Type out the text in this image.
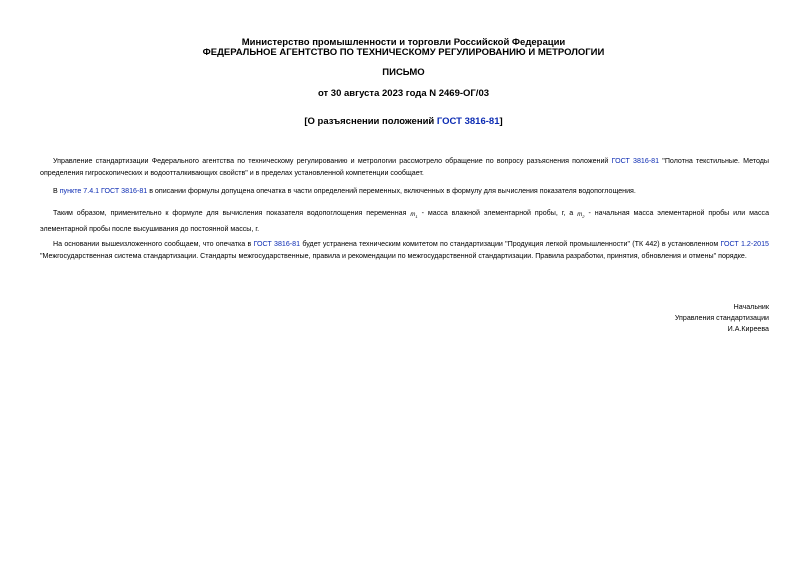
Министерство промышленности и торговли Российской Федерации
ФЕДЕРАЛЬНОЕ АГЕНТСТВО ПО ТЕХНИЧЕСКОМУ РЕГУЛИРОВАНИЮ И МЕТРОЛОГИИ
ПИСЬМО
от 30 августа 2023 года N 2469-ОГ/03
[О разъяснении положений ГОСТ 3816-81]
Управление стандартизации Федерального агентства по техническому регулированию и метрологии рассмотрело обращение по вопросу разъяснения положений ГОСТ 3816-81 "Полотна текстильные. Методы определения гигроскопических и водоотталкивающих свойств" и в пределах установленной компетенции сообщает.
В пункте 7.4.1 ГОСТ 3816-81 в описании формулы допущена опечатка в части определений переменных, включенных в формулу для вычисления показателя водопоглощения.
Таким образом, применительно к формуле для вычисления показателя водопоглощения переменная $m_1$ - масса влажной элементарной пробы, г, а $m_2$ - начальная масса элементарной пробы или масса элементарной пробы после высушивания до постоянной массы, г.
На основании вышеизложенного сообщаем, что опечатка в ГОСТ 3816-81 будет устранена техническим комитетом по стандартизации "Продукция легкой промышленности" (ТК 442) в установленном ГОСТ 1.2-2015 "Межгосударственная система стандартизации. Стандарты межгосударственные, правила и рекомендации по межгосударственной стандартизации. Правила разработки, принятия, обновления и отмены" порядке.
Начальник
Управления стандартизации
И.А.Киреева
